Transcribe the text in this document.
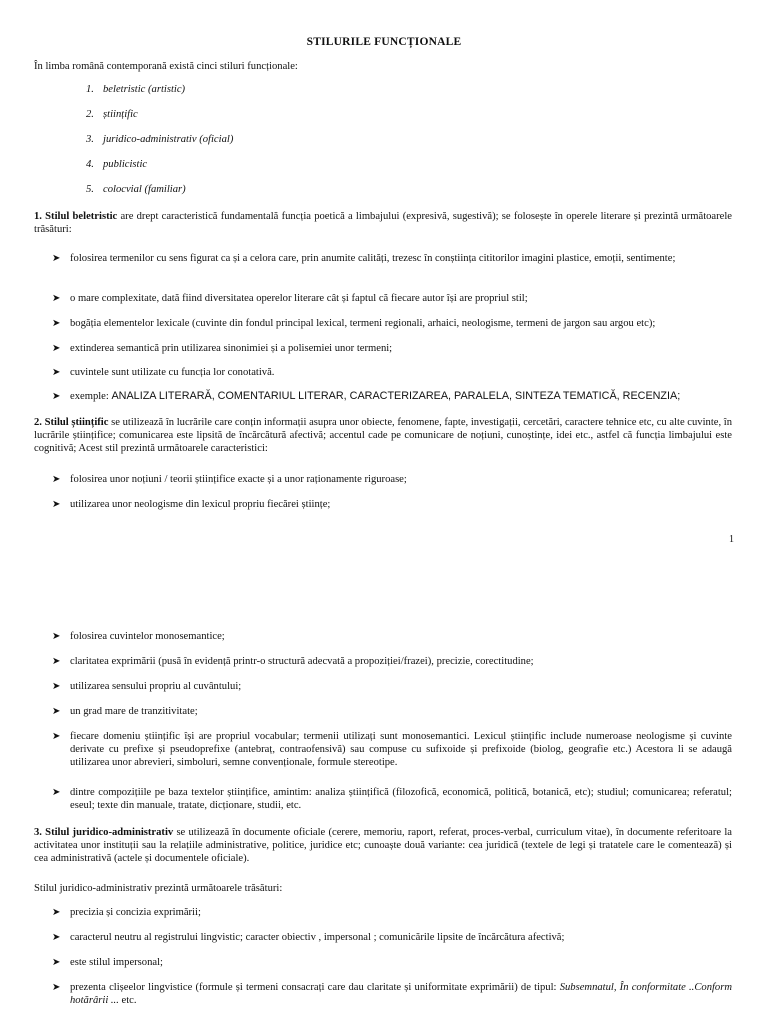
STILURILE FUNCȚIONALE

În limba română contemporană există cinci stiluri funcționale:

1. beletristic (artistic)
2. științific
3. juridico-administrativ (oficial)
4. publicistic
5. colocvial (familiar)

1. Stilul beletristic are drept caracteristică fundamentală funcția poetică a limbajului (expresivă, sugestivă); se folosește în operele literare și prezintă următoarele trăsături:

➤ folosirea termenilor cu sens figurat ca și a celora care, prin anumite calități, trezesc în conștiința cititorilor imagini plastice, emoții, sentimente;
➤ o mare complexitate, dată fiind diversitatea operelor literare cât și faptul că fiecare autor își are propriul stil;
➤ bogăția elementelor lexicale (cuvinte din fondul principal lexical, termeni regionali, arhaici, neologisme, termeni de jargon sau argou etc);
➤ extinderea semantică prin utilizarea sinonimiei și a polisemiei unor termeni;
➤ cuvintele sunt utilizate cu funcția lor conotativă.
➤ exemple: ANALIZA LITERARĂ, COMENTARIUL LITERAR, CARACTERIZAREA, PARALELA, SINTEZA TEMATICĂ, RECENZIA;

2. Stilul științific se utilizează în lucrările care conțin informații asupra unor obiecte, fenomene, fapte, investigații, cercetări, caractere tehnice etc, cu alte cuvinte, în lucrările științifice; comunicarea este lipsită de încărcătură afectivă; accentul cade pe comunicare de noțiuni, cunoștințe, idei etc., astfel că funcția limbajului este cognitivă; Acest stil prezintă următoarele caracteristici:

➤ folosirea unor noțiuni / teorii științifice exacte și a unor raționamente riguroase;
➤ utilizarea unor neologisme din lexicul propriu fiecărei științe;
1
➤ folosirea cuvintelor monosemantice;
➤ claritatea exprimării (pusă în evidență printr-o structură adecvată a propoziției/frazei), precizie, corectitudine;
➤ utilizarea sensului propriu al cuvântului;
➤ un grad mare de tranzitivitate;
➤ fiecare domeniu științific își are propriul vocabular; termenii utilizați sunt monosemantici. Lexicul științific include numeroase neologisme și cuvinte derivate cu prefixe și pseudoprefixe (antebraț, contraofensivă) sau compuse cu sufixoide și prefixoide (biolog, geografie etc.) Acestora li se adaugă utilizarea unor abrevieri, simboluri, semne convenționale, formule stereotipe.
➤ dintre compozițiile pe baza textelor științifice, amintim: analiza științifică (filozofică, economică, politică, botanică, etc); studiul; comunicarea; referatul; eseul; texte din manuale, tratate, dicționare, studii, etc.

3. Stilul juridico-administrativ se utilizează în documente oficiale (cerere, memoriu, raport, referat, proces-verbal, curriculum vitae), în documente referitoare la activitatea unor instituții sau la relațiile administrative, politice, juridice etc; cunoaște două variante: cea juridică (textele de legi și tratatele care le comentează) și cea administrativă (actele și documentele oficiale).

Stilul juridico-administrativ prezintă următoarele trăsături:

➤ precizia și concizia exprimării;
➤ caracterul neutru al registrului lingvistic; caracter obiectiv , impersonal ; comunicările lipsite de încărcătura afectivă;
➤ este stilul impersonal;
➤ prezenta clișeelor lingvistice (formule și termeni consacrați care dau claritate și uniformitate exprimării) de tipul: Subsemnatul, În conformitate ..Conform hotărârii ... etc.
